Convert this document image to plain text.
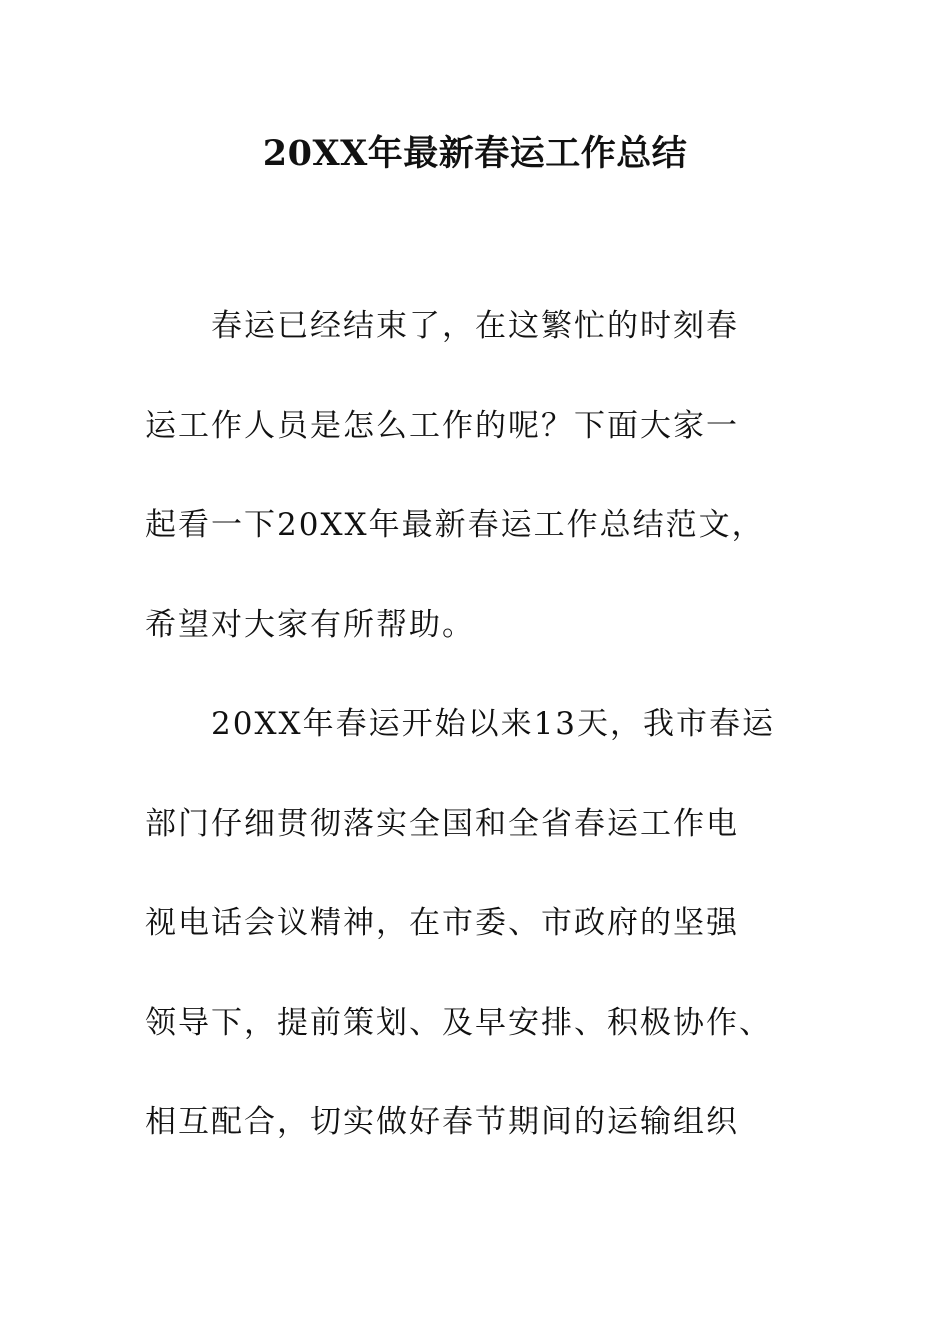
20XX年最新春运工作总结
　　春运已经结束了，在这繁忙的时刻春
运工作人员是怎么工作的呢？下面大家一
起看一下20XX年最新春运工作总结范文，
希望对大家有所帮助。
　　20XX年春运开始以来13天，我市春运
部门仔细贯彻落实全国和全省春运工作电
视电话会议精神，在市委、市政府的坚强
领导下，提前策划、及早安排、积极协作、
相互配合，切实做好春节期间的运输组织
